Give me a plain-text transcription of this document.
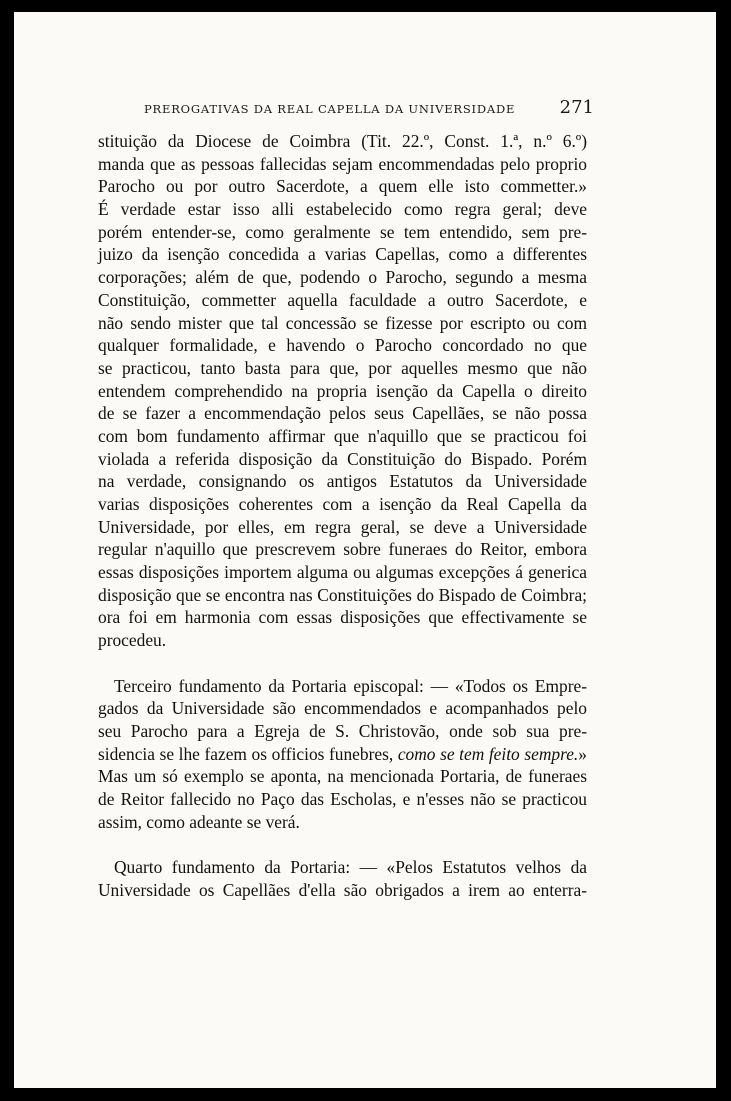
PREROGATIVAS DA REAL CAPELLA DA UNIVERSIDADE 271
stituição da Diocese de Coimbra (Tit. 22.º, Const. 1.ª, n.º 6.º)
manda que as pessoas fallecidas sejam encommendadas pelo proprio
Parocho ou por outro Sacerdote, a quem elle isto commetter.»
É verdade estar isso alli estabelecido como regra geral; deve
porém entender-se, como geralmente se tem entendido, sem pre-
juizo da isenção concedida a varias Capellas, como a differentes
corporações; além de que, podendo o Parocho, segundo a mesma
Constituição, commetter aquella faculdade a outro Sacerdote, e
não sendo mister que tal concessão se fizesse por escripto ou com
qualquer formalidade, e havendo o Parocho concordado no que
se practicou, tanto basta para que, por aquelles mesmo que não
entendem comprehendido na propria isenção da Capella o direito
de se fazer a encommendação pelos seus Capellães, se não possa
com bom fundamento affirmar que n'aquillo que se practicou foi
violada a referida disposição da Constituição do Bispado. Porém
na verdade, consignando os antigos Estatutos da Universidade
varias disposições coherentes com a isenção da Real Capella da
Universidade, por elles, em regra geral, se deve a Universidade
regular n'aquillo que prescrevem sobre funeraes do Reitor, embora
essas disposições importem alguma ou algumas excepções á generica
disposição que se encontra nas Constituições do Bispado de Coimbra;
ora foi em harmonia com essas disposições que effectivamente se
procedeu.
Terceiro fundamento da Portaria episcopal: — «Todos os Empre-
gados da Universidade são encommendados e acompanhados pelo
seu Parocho para a Egreja de S. Christovão, onde sob sua pre-
sidencia se lhe fazem os officios funebres, como se tem feito sempre.»
Mas um só exemplo se aponta, na mencionada Portaria, de funeraes
de Reitor fallecido no Paço das Escholas, e n'esses não se practicou
assim, como adeante se verá.
Quarto fundamento da Portaria: — «Pelos Estatutos velhos da
Universidade os Capellães d'ella são obrigados a irem ao enterra-
